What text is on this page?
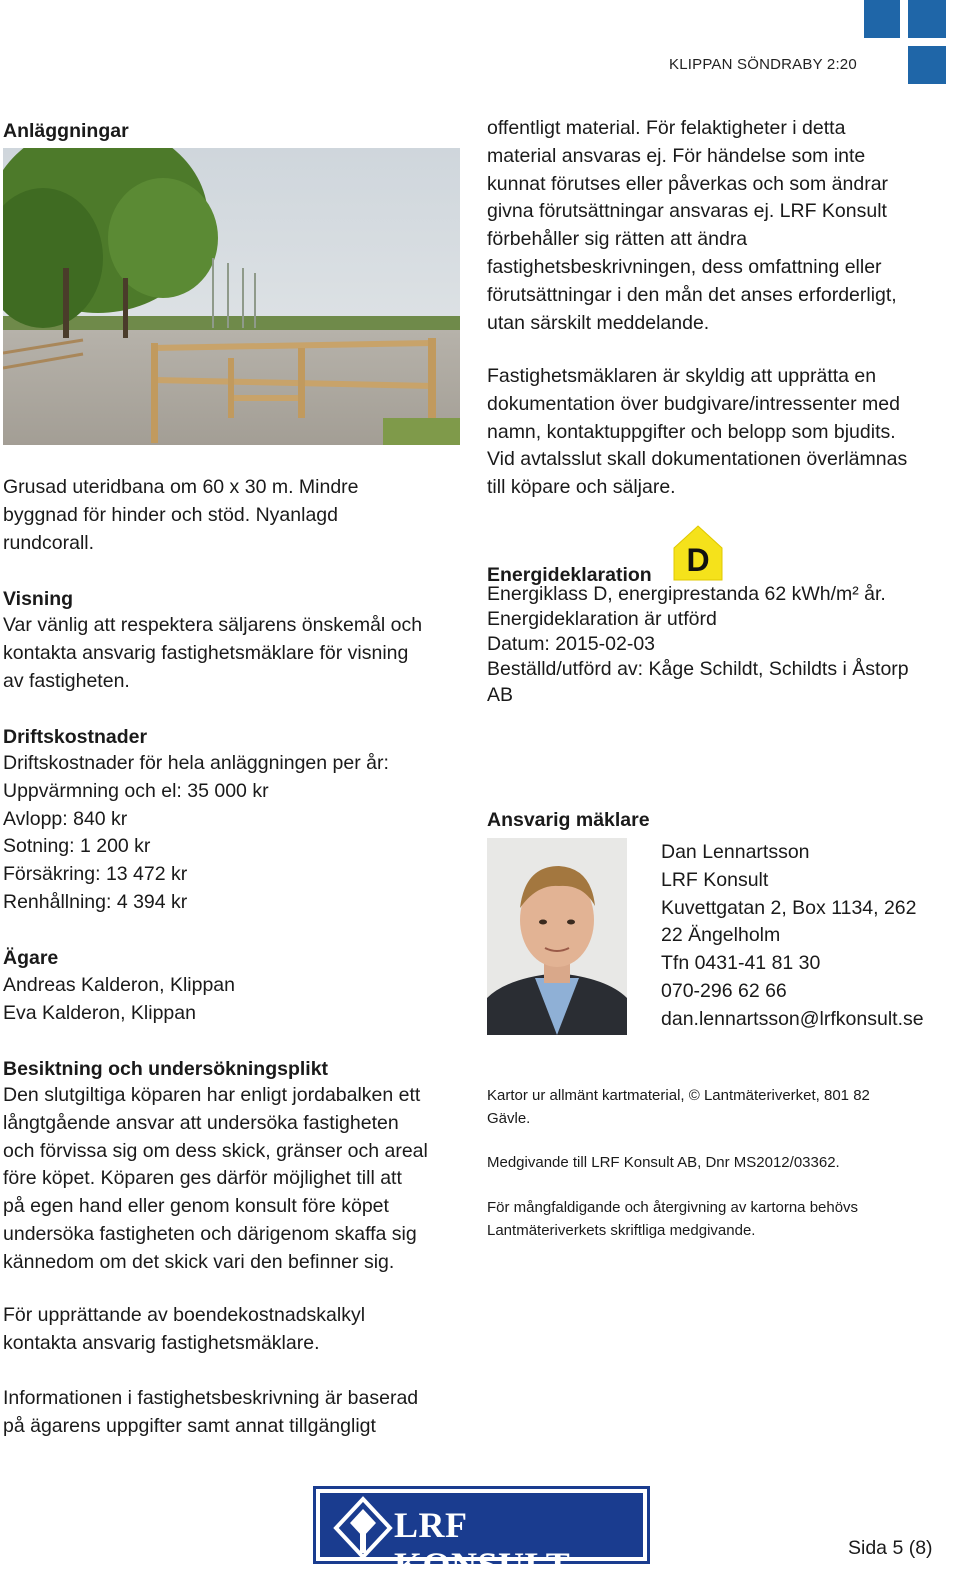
KLIPPAN SÖNDRABY 2:20
Anläggningar
Grusad uteridbana om 60 x 30 m. Mindre
byggnad för hinder och stöd. Nyanlagd
rundcorall.
Visning
Var vänlig att respektera säljarens önskemål och
kontakta ansvarig fastighetsmäklare för visning
av fastigheten.
Driftskostnader
Driftskostnader för hela anläggningen per år:
Uppvärmning och el: 35 000 kr
Avlopp: 840 kr
Sotning: 1 200 kr
Försäkring: 13 472 kr
Renhållning: 4 394 kr
Ägare
Andreas Kalderon, Klippan
Eva Kalderon, Klippan
Besiktning och undersökningsplikt
Den slutgiltiga köparen har enligt jordabalken ett
långtgående ansvar att undersöka fastigheten
och förvissa sig om dess skick, gränser och areal
före köpet. Köparen ges därför möjlighet till att
på egen hand eller genom konsult före köpet
undersöka fastigheten och därigenom skaffa sig
kännedom om det skick vari den befinner sig.
För upprättande av boendekostnadskalkyl
kontakta ansvarig fastighetsmäklare.
Informationen i fastighetsbeskrivning är baserad
på ägarens uppgifter samt annat tillgängligt
offentligt material. För felaktigheter i detta
material ansvaras ej. För händelse som inte
kunnat förutses eller påverkas och som ändrar
givna förutsättningar ansvaras ej. LRF Konsult
förbehåller sig rätten att ändra
fastighetsbeskrivningen, dess omfattning eller
förutsättningar i den mån det anses erforderligt,
utan särskilt meddelande.
Fastighetsmäklaren är skyldig att upprätta en
dokumentation över budgivare/intressenter med
namn, kontaktuppgifter och belopp som bjudits.
Vid avtalsslut skall dokumentationen överlämnas
till köpare och säljare.
Energideklaration	D
Energiklass D, energiprestanda 62 kWh/m² år.
Energideklaration är utförd
Datum: 2015-02-03
Beställd/utförd av: Kåge Schildt, Schildts i Åstorp
AB
Ansvarig mäklare
Dan Lennartsson
LRF Konsult
Kuvettgatan 2, Box 1134, 262
22 Ängelholm
Tfn 0431-41 81 30
070-296 62 66
dan.lennartsson@lrfkonsult.se
Kartor ur allmänt kartmaterial, © Lantmäteriverket, 801 82
Gävle.
Medgivande till LRF Konsult AB, Dnr MS2012/03362.
För mångfaldigande och återgivning av kartorna behövs
Lantmäteriverkets skriftliga medgivande.
LRF KONSULT	Sida 5 (8)
